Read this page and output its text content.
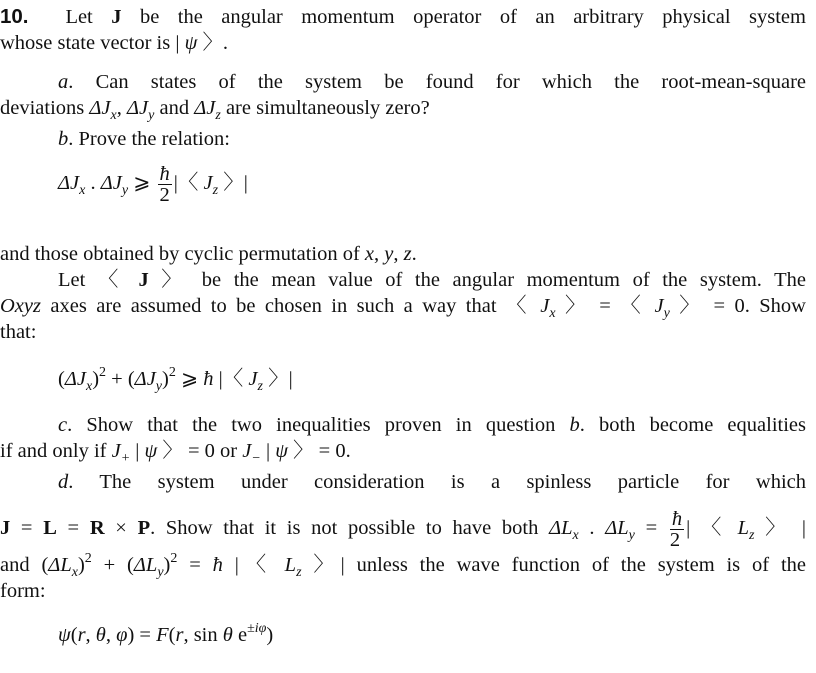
10.  Let J be the angular momentum operator of an arbitrary physical system
whose state vector is | ψ 〉.
a. Can states of the system be found for which the root-mean-square
deviations $\Delta J_x$, $\Delta J_y$ and $\Delta J_z$ are simultaneously zero?
b. Prove the relation:
$\Delta J_x$ . $\Delta J_y$ ⩾ $\frac{ħ}{2}$ |〈 $J_z$ 〉|
and those obtained by cyclic permutation of x, y, z.
Let 〈 J 〉 be the mean value of the angular momentum of the system. The
Oxyz axes are assumed to be chosen in such a way that 〈 $J_x$ 〉 = 〈 $J_y$ 〉 = 0. Show
that:
$(\Delta J_x)^2 + (\Delta J_y)^2$ ⩾ ħ |〈 $J_z$ 〉|
c. Show that the two inequalities proven in question b. both become equalities
if and only if $J_+$ | ψ 〉 = 0 or $J_-$ | ψ 〉 = 0.
d. The system under consideration is a spinless particle for which
J = L = R × P. Show that it is not possible to have both $\Delta L_x$ . $\Delta L_y = \frac{ħ}{2}$ | 〈 $L_z$ 〉 |
and $(\Delta L_x)^2 + (\Delta L_y)^2$ = ħ |〈 $L_z$ 〉| unless the wave function of the system is of the
form:
ψ(r, θ, φ) = F(r, sin θ $e^{\pm i\varphi}$)
